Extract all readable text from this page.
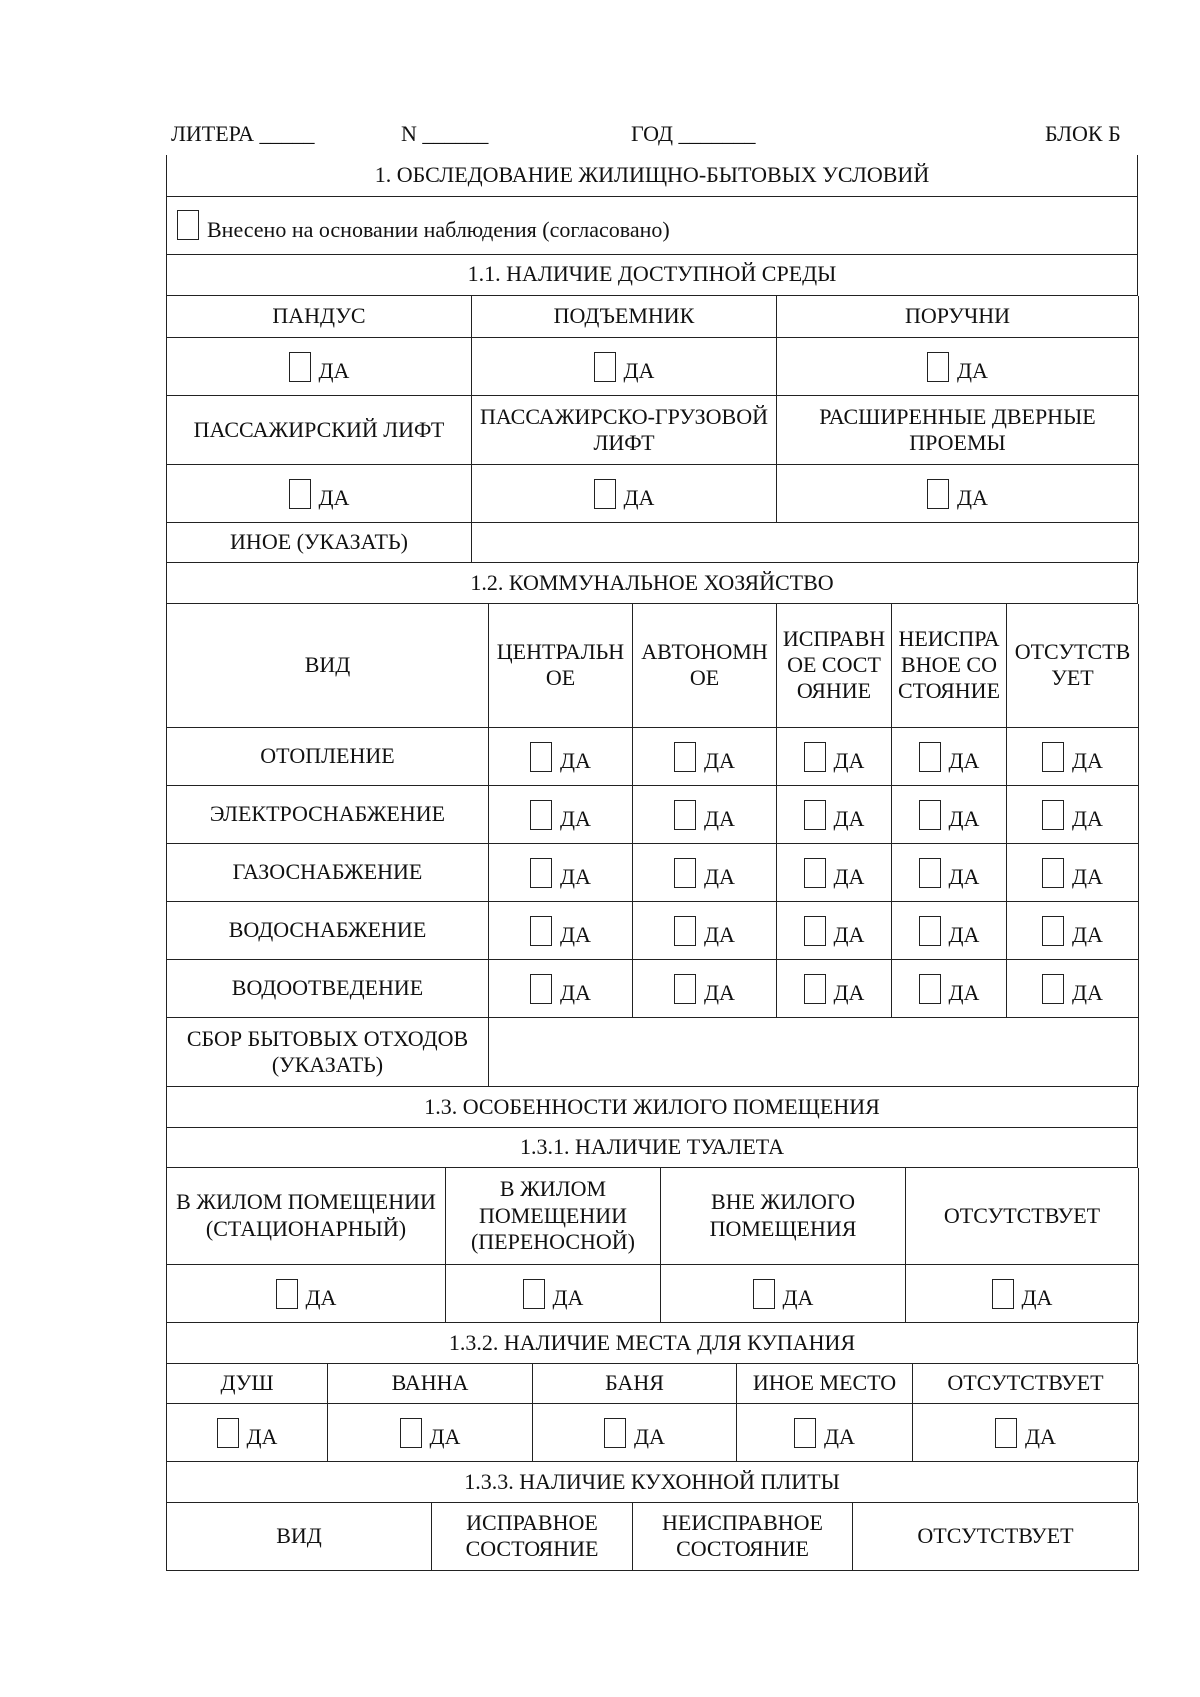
ЛИТЕРА _____	N ______	ГОД _______	БЛОК Б
1. ОБСЛЕДОВАНИЕ ЖИЛИЩНО-БЫТОВЫХ УСЛОВИЙ
Внесено на основании наблюдения (согласовано)
1.1. НАЛИЧИЕ ДОСТУПНОЙ СРЕДЫ
ПАНДУС	ПОДЪЕМНИК	ПОРУЧНИ
ДА	ДА	ДА
ПАССАЖИРСКИЙ ЛИФТ	ПАССАЖИРСКО-ГРУЗОВОЙ ЛИФТ	РАСШИРЕННЫЕ ДВЕРНЫЕ ПРОЕМЫ
ДА	ДА	ДА
ИНОЕ (УКАЗАТЬ)		
1.2. КОММУНАЛЬНОЕ ХОЗЯЙСТВО
ВИД	ЦЕНТРАЛЬНОЕ	АВТОНОМНОЕ	ИСПРАВНОЕ СОСТОЯНИЕ	НЕИСПРАВНОЕ СОСТОЯНИЕ	ОТСУТСТВУЕТ
ОТОПЛЕНИЕ	ДА	ДА	ДА	ДА	ДА
ЭЛЕКТРОСНАБЖЕНИЕ	ДА	ДА	ДА	ДА	ДА
ГАЗОСНАБЖЕНИЕ	ДА	ДА	ДА	ДА	ДА
ВОДОСНАБЖЕНИЕ	ДА	ДА	ДА	ДА	ДА
ВОДООТВЕДЕНИЕ	ДА	ДА	ДА	ДА	ДА
СБОР БЫТОВЫХ ОТХОДОВ (УКАЗАТЬ)					
1.3. ОСОБЕННОСТИ ЖИЛОГО ПОМЕЩЕНИЯ
1.3.1. НАЛИЧИЕ ТУАЛЕТА
В ЖИЛОМ ПОМЕЩЕНИИ (СТАЦИОНАРНЫЙ)	В ЖИЛОМ ПОМЕЩЕНИИ (ПЕРЕНОСНОЙ)	ВНЕ ЖИЛОГО ПОМЕЩЕНИЯ	ОТСУТСТВУЕТ
ДА	ДА	ДА	ДА
1.3.2. НАЛИЧИЕ МЕСТА ДЛЯ КУПАНИЯ
ДУШ	ВАННА	БАНЯ	ИНОЕ МЕСТО	ОТСУТСТВУЕТ
ДА	ДА	ДА	ДА	ДА
1.3.3. НАЛИЧИЕ КУХОННОЙ ПЛИТЫ
ВИД	ИСПРАВНОЕ СОСТОЯНИЕ	НЕИСПРАВНОЕ СОСТОЯНИЕ	ОТСУТСТВУЕТ
